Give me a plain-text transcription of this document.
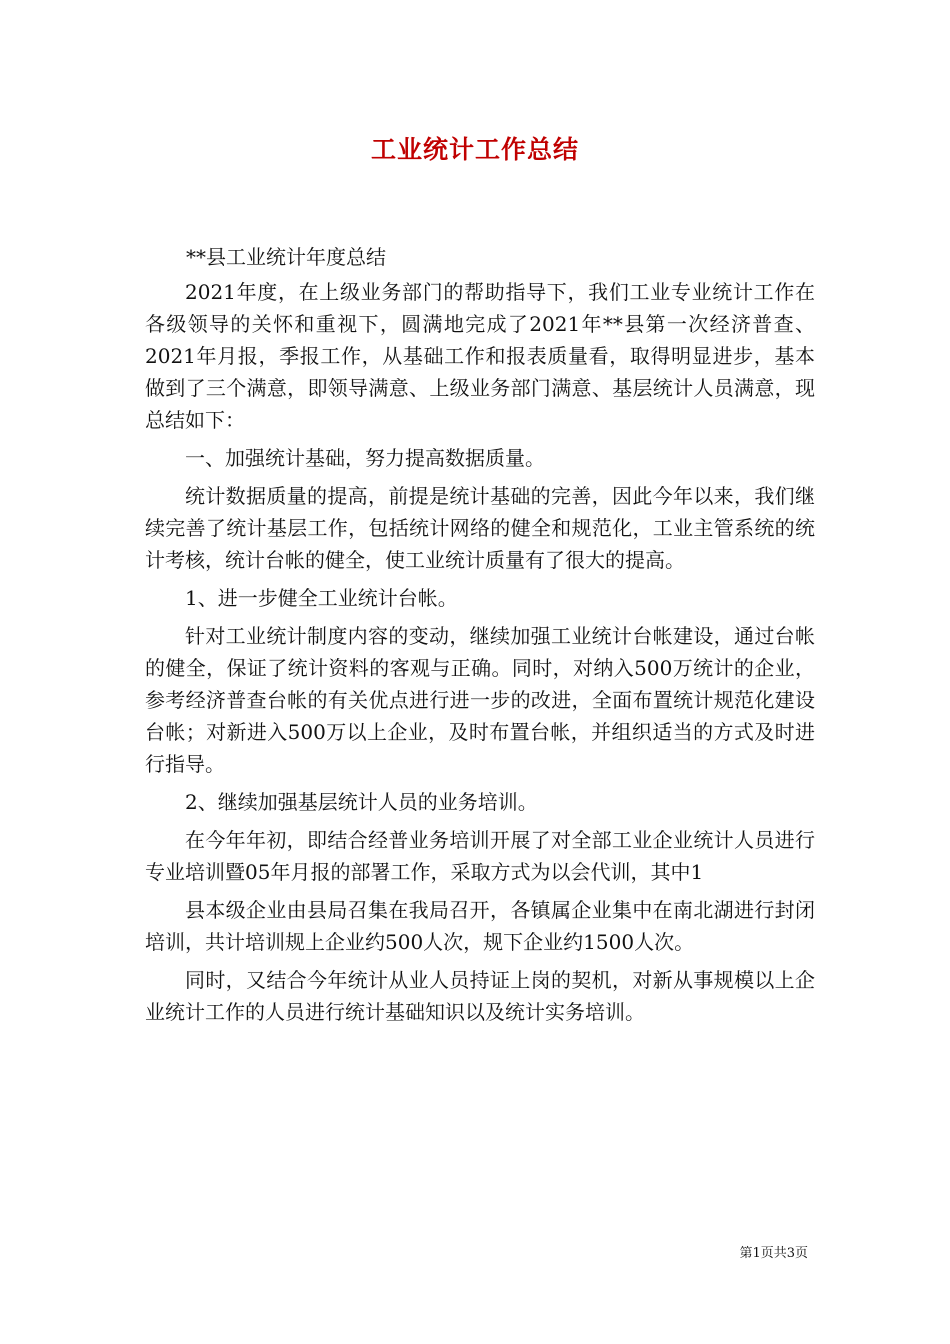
工业统计工作总结
**县工业统计年度总结

2021年度，在上级业务部门的帮助指导下，我们工业专业统计工作在各级领导的关怀和重视下，圆满地完成了2021年**县第一次经济普查、2021年月报，季报工作，从基础工作和报表质量看，取得明显进步，基本做到了三个满意，即领导满意、上级业务部门满意、基层统计人员满意，现总结如下：

一、加强统计基础，努力提高数据质量。

统计数据质量的提高，前提是统计基础的完善，因此今年以来，我们继续完善了统计基层工作，包括统计网络的健全和规范化，工业主管系统的统计考核，统计台帐的健全，使工业统计质量有了很大的提高。

1、进一步健全工业统计台帐。

针对工业统计制度内容的变动，继续加强工业统计台帐建设，通过台帐的健全，保证了统计资料的客观与正确。同时，对纳入500万统计的企业，参考经济普查台帐的有关优点进行进一步的改进，全面布置统计规范化建设台帐；对新进入500万以上企业，及时布置台帐，并组织适当的方式及时进行指导。

2、继续加强基层统计人员的业务培训。

在今年年初，即结合经普业务培训开展了对全部工业企业统计人员进行专业培训暨05年月报的部署工作，采取方式为以会代训，其中1

县本级企业由县局召集在我局召开，各镇属企业集中在南北湖进行封闭培训，共计培训规上企业约500人次，规下企业约1500人次。

同时，又结合今年统计从业人员持证上岗的契机，对新从事规模以上企业统计工作的人员进行统计基础知识以及统计实务培训。

第1页共3页
